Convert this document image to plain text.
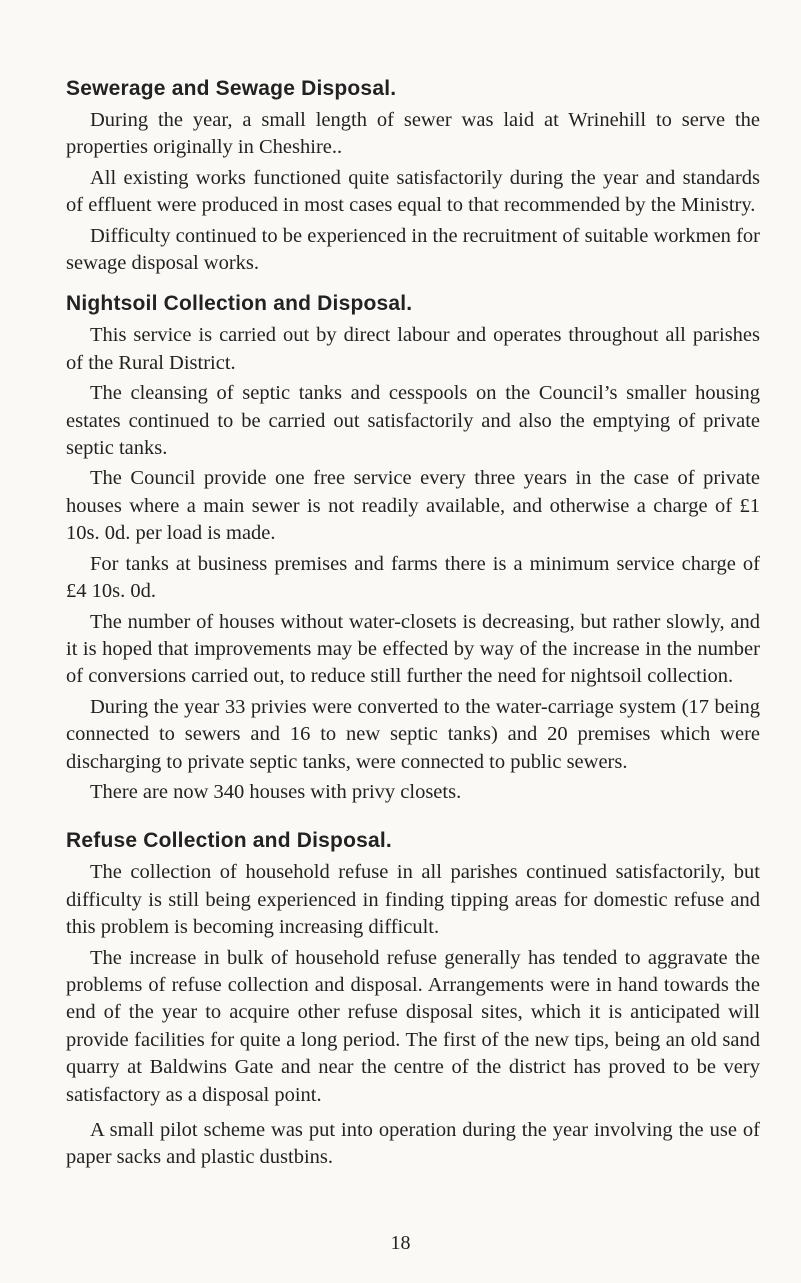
Sewerage and Sewage Disposal.

During the year, a small length of sewer was laid at Wrinehill to serve the properties originally in Cheshire..

All existing works functioned quite satisfactorily during the year and standards of effluent were produced in most cases equal to that recommended by the Ministry.

Difficulty continued to be experienced in the recruitment of suitable workmen for sewage disposal works.

Nightsoil Collection and Disposal.

This service is carried out by direct labour and operates throughout all parishes of the Rural District.

The cleansing of septic tanks and cesspools on the Council’s smaller housing estates continued to be carried out satisfactorily and also the emptying of private septic tanks.

The Council provide one free service every three years in the case of private houses where a main sewer is not readily available, and otherwise a charge of £1 10s. 0d. per load is made.

For tanks at business premises and farms there is a minimum service charge of £4 10s. 0d.

The number of houses without water-closets is decreasing, but rather slowly, and it is hoped that improvements may be effected by way of the increase in the number of conversions carried out, to reduce still further the need for nightsoil collection.

During the year 33 privies were converted to the water-carriage system (17 being connected to sewers and 16 to new septic tanks) and 20 premises which were discharging to private septic tanks, were connected to public sewers.

There are now 340 houses with privy closets.

Refuse Collection and Disposal.

The collection of household refuse in all parishes continued satisfactorily, but difficulty is still being experienced in finding tipping areas for domestic refuse and this problem is becoming increasing difficult.

The increase in bulk of household refuse generally has tended to aggravate the problems of refuse collection and disposal. Arrangements were in hand towards the end of the year to acquire other refuse disposal sites, which it is anticipated will provide facilities for quite a long period. The first of the new tips, being an old sand quarry at Baldwins Gate and near the centre of the district has proved to be very satisfactory as a disposal point.

A small pilot scheme was put into operation during the year involving the use of paper sacks and plastic dustbins.

18
